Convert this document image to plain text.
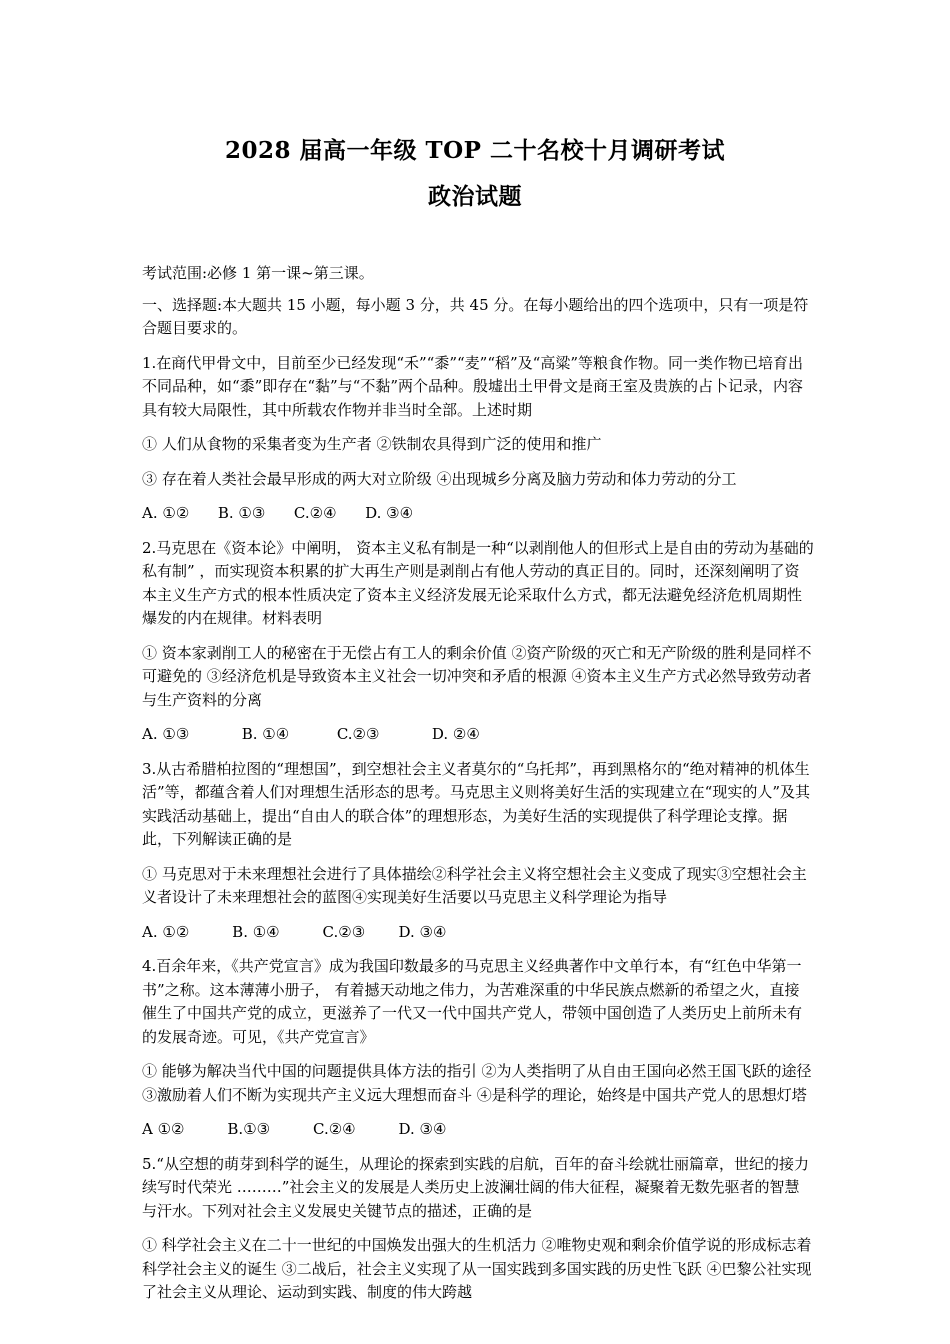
2028 届高一年级 TOP 二十名校十月调研考试
政治试题

考试范围:必修 1 第一课~第三课。

一、选择题:本大题共 15 小题，每小题 3 分，共 45 分。在每小题给出的四个选项中，只有一项是符合题目要求的。

1.在商代甲骨文中，目前至少已经发现“禾”“黍”“麦”“稻”及“高粱”等粮食作物。同一类作物已培育出不同品种，如“黍”即存在“黏”与“不黏”两个品种。殷墟出土甲骨文是商王室及贵族的占卜记录，内容具有较大局限性，其中所载农作物并非当时全部。上述时期

① 人们从食物的采集者变为生产者 ②铁制农具得到广泛的使用和推广

③ 存在着人类社会最早形成的两大对立阶级 ④出现城乡分离及脑力劳动和体力劳动的分工

A. ①②      B. ①③      C.②④      D. ③④

2.马克思在《资本论》中阐明， 资本主义私有制是一种“以剥削他人的但形式上是自由的劳动为基础的私有制” ，而实现资本积累的扩大再生产则是剥削占有他人劳动的真正目的。同时，还深刻阐明了资本主义生产方式的根本性质决定了资本主义经济发展无论采取什么方式，都无法避免经济危机周期性爆发的内在规律。材料表明

① 资本家剥削工人的秘密在于无偿占有工人的剩余价值 ②资产阶级的灭亡和无产阶级的胜利是同样不可避免的 ③经济危机是导致资本主义社会一切冲突和矛盾的根源 ④资本主义生产方式必然导致劳动者与生产资料的分离

A. ①③           B. ①④          C.②③           D. ②④

3.从古希腊柏拉图的“理想国”，到空想社会主义者莫尔的“乌托邦”，再到黑格尔的“绝对精神的机体生活”等，都蕴含着人们对理想生活形态的思考。马克思主义则将美好生活的实现建立在“现实的人”及其实践活动基础上，提出“自由人的联合体”的理想形态，为美好生活的实现提供了科学理论支撑。据此，下列解读正确的是

① 马克思对于未来理想社会进行了具体描绘②科学社会主义将空想社会主义变成了现实③空想社会主义者设计了未来理想社会的蓝图④实现美好生活要以马克思主义科学理论为指导

A. ①②         B. ①④         C.②③       D. ③④

4.百余年来，《共产党宣言》成为我国印数最多的马克思主义经典著作中文单行本，有“红色中华第一书”之称。这本薄薄小册子， 有着撼天动地之伟力，为苦难深重的中华民族点燃新的希望之火，直接催生了中国共产党的成立，更滋养了一代又一代中国共产党人，带领中国创造了人类历史上前所未有的发展奇迹。可见，《共产党宣言》

① 能够为解决当代中国的问题提供具体方法的指引 ②为人类指明了从自由王国向必然王国飞跃的途径 ③激励着人们不断为实现共产主义远大理想而奋斗 ④是科学的理论，始终是中国共产党人的思想灯塔

A ①②         B.①③         C.②④         D. ③④

5.“从空想的萌芽到科学的诞生，从理论的探索到实践的启航，百年的奋斗绘就壮丽篇章，世纪的接力续写时代荣光 ………”社会主义的发展是人类历史上波澜壮阔的伟大征程，凝聚着无数先驱者的智慧与汗水。下列对社会主义发展史关键节点的描述，正确的是

① 科学社会主义在二十一世纪的中国焕发出强大的生机活力 ②唯物史观和剩余价值学说的形成标志着科学社会主义的诞生 ③二战后，社会主义实现了从一国实践到多国实践的历史性飞跃 ④巴黎公社实现了社会主义从理论、运动到实践、制度的伟大跨越
